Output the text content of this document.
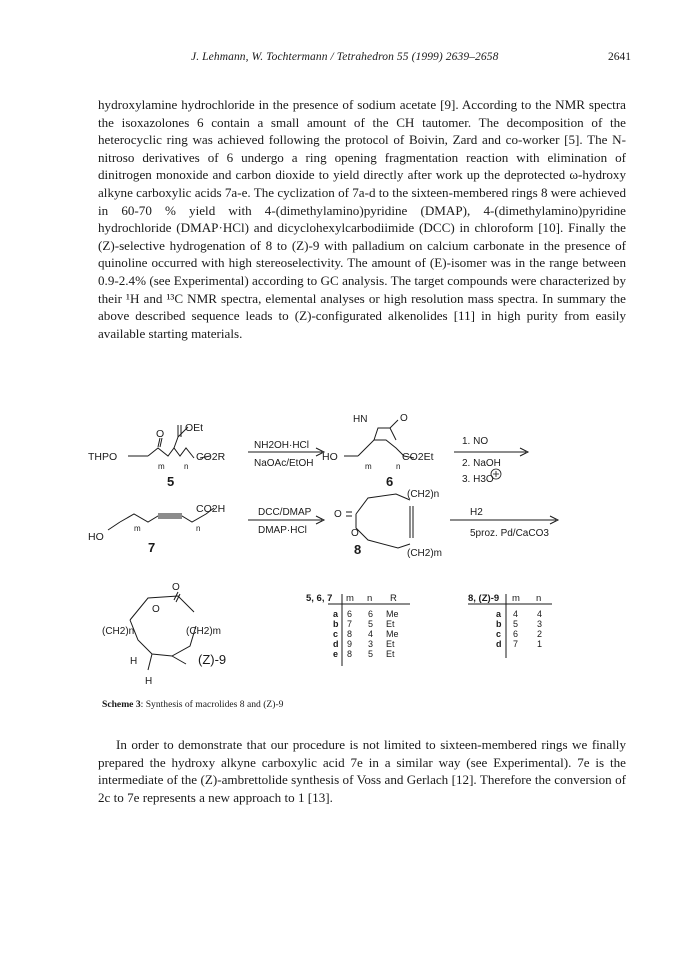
J. Lehmann, W. Tochtermann / Tetrahedron 55 (1999) 2639–2658	2641
hydroxylamine hydrochloride in the presence of sodium acetate [9]. According to the NMR spectra the isoxazolones 6 contain a small amount of the CH tautomer. The decomposition of the heterocyclic ring was achieved following the protocol of Boivin, Zard and co-worker [5]. The N-nitroso derivatives of 6 undergo a ring opening fragmentation reaction with elimination of dinitrogen monoxide and carbon dioxide to yield directly after work up the deprotected ω-hydroxy alkyne carboxylic acids 7a-e. The cyclization of 7a-d to the sixteen-membered rings 8 were achieved in 60-70 % yield with 4-(dimethylamino)pyridine (DMAP), 4-(dimethylamino)pyridine hydrochloride (DMAP·HCl) and dicyclohexylcarbodiimide (DCC) in chloroform [10]. Finally the (Z)-selective hydrogenation of 8 to (Z)-9 with palladium on calcium carbonate in the presence of quinoline occurred with high stereoselectivity. The amount of (E)-isomer was in the range between 0.9-2.4% (see Experimental) according to GC analysis. The target compounds were characterized by their ¹H and ¹³C NMR spectra, elemental analyses or high resolution mass spectra. In summary the above described sequence leads to (Z)-configurated alkenolides [11] in high purity from easily available starting materials.
OEt
O
THPO	CO2R
m n
5
NH2OH·HCl
NaOAc/EtOH
HN	O
HO	CO2Et
m	n
6
1. NO
2. NaOH
3. H3O
CO2H
HO
m	n
7
DCC/DMAP
DMAP·HCl
(CH2)n
O
O
(CH2)m
8
H2
5proz. Pd/CaCO3
O
O
(CH2)n	(CH2)m
H
H
(Z)-9
5, 6, 7 m n R
a 6 6 Me
b 7 5 Et
c 8 4 Me
d 9 3 Et
e 8 5 Et
8, (Z)-9 m n
a 4 4
b 5 3
c 6 2
d 7 1
Scheme 3: Synthesis of macrolides 8 and (Z)-9
In order to demonstrate that our procedure is not limited to sixteen-membered rings we finally prepared the hydroxy alkyne carboxylic acid 7e in a similar way (see Experimental). 7e is the intermediate of the (Z)-ambrettolide synthesis of Voss and Gerlach [12]. Therefore the conversion of 2c to 7e represents a new approach to 1 [13].
